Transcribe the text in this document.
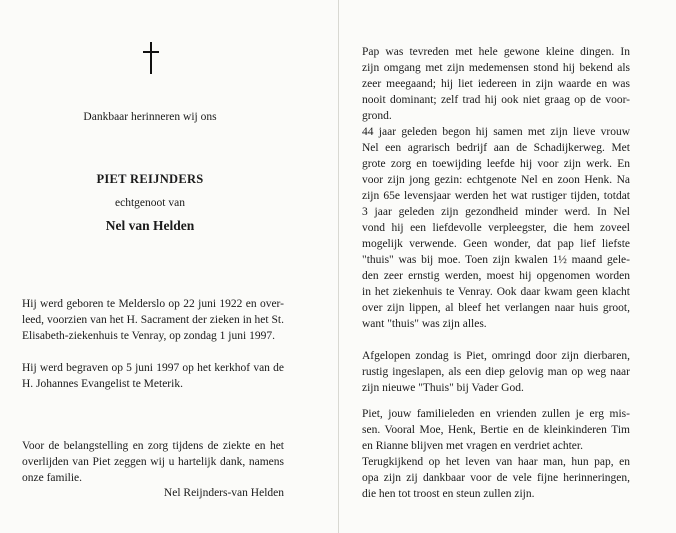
Dankbaar herinneren wij ons
PIET REIJNDERS
echtgenoot van
Nel van Helden
Hij werd geboren te Melderslo op 22 juni 1922 en over-
leed, voorzien van het H. Sacrament der zieken in het St.
Elisabeth-ziekenhuis te Venray, op zondag 1 juni 1997.
Hij werd begraven op 5 juni 1997 op het kerkhof van de
H. Johannes Evangelist te Meterik.
Voor de belangstelling en zorg tijdens de ziekte en het
overlijden van Piet zeggen wij u hartelijk dank, namens
onze familie.
Nel Reijnders-van Helden
Pap was tevreden met hele gewone kleine dingen. In
zijn omgang met zijn medemensen stond hij bekend als
zeer meegaand; hij liet iedereen in zijn waarde en was
nooit dominant; zelf trad hij ook niet graag op de voor-
grond.
44 jaar geleden begon hij samen met zijn lieve vrouw
Nel een agrarisch bedrijf aan de Schadijkerweg. Met
grote zorg en toewijding leefde hij voor zijn werk. En
voor zijn jong gezin: echtgenote Nel en zoon Henk. Na
zijn 65e levensjaar werden het wat rustiger tijden, totdat
3 jaar geleden zijn gezondheid minder werd. In Nel
vond hij een liefdevolle verpleegster, die hem zoveel
mogelijk verwende. Geen wonder, dat pap lief liefste
"thuis" was bij moe. Toen zijn kwalen 1½ maand gele-
den zeer ernstig werden, moest hij opgenomen worden
in het ziekenhuis te Venray. Ook daar kwam geen klacht
over zijn lippen, al bleef het verlangen naar huis groot,
want "thuis" was zijn alles.
Afgelopen zondag is Piet, omringd door zijn dierbaren,
rustig ingeslapen, als een diep gelovig man op weg naar
zijn nieuwe "Thuis" bij Vader God.
Piet, jouw familieleden en vrienden zullen je erg mis-
sen. Vooral Moe, Henk, Bertie en de kleinkinderen Tim
en Rianne blijven met vragen en verdriet achter.
Terugkijkend op het leven van haar man, hun pap, en
opa zijn zij dankbaar voor de vele fijne herinneringen,
die hen tot troost en steun zullen zijn.
